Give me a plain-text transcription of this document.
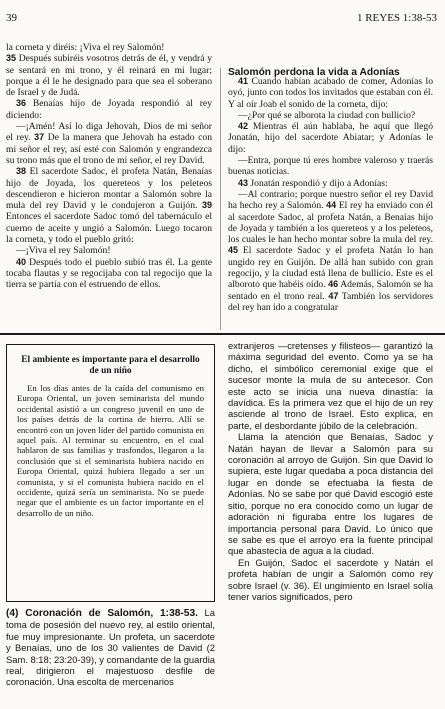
39	1 REYES 1:38-53

la corneta y diréis: ¡Viva el rey Salomón!

35 Después subiréis vosotros detrás de él, y vendrá y se sentará en mi trono, y él reinará en mi lugar; porque a él le he designado para que sea el soberano de Israel y de Judá.

36 Benaías hijo de Joyada respondió al rey diciendo:

—¡Amén! Así lo diga Jehovah, Dios de mi señor el rey. 37 De la manera que Jehovah ha estado con mi señor el rey, así esté con Salomón y engrandezca su trono más que el trono de mi señor, el rey David.

38 El sacerdote Sadoc, el profeta Natán, Benaías hijo de Joyada, los quereteos y los peleteos descendieron e hicieron montar a Salomón sobre la mula del rey David y le condujeron a Guijón. 39 Entonces el sacerdote Sadoc tomó del tabernáculo el cuerno de aceite y ungió a Salomón. Luego tocaron la corneta, y todo el pueblo gritó:

—¡Viva el rey Salomón!

40 Después todo el pueblo subió tras él. La gente tocaba flautas y se regocijaba con tal regocijo que la tierra se partía con el estruendo de ellos.

Salomón perdona la vida a Adonías

41 Cuando habían acabado de comer, Adonías lo oyó, junto con todos los invitados que estaban con él. Y al oír Joab el sonido de la corneta, dijo:

—¿Por qué se alborota la ciudad con bullicio?

42 Mientras él aún hablaba, he aquí que llegó Jonatán, hijo del sacerdote Abiatar; y Adonías le dijo:

—Entra, porque tú eres hombre valeroso y traerás buenas noticias.

43 Jonatán respondió y dijo a Adonías:

—Al contrario; porque nuestro señor el rey David ha hecho rey a Salomón. 44 El rey ha enviado con él al sacerdote Sadoc, al profeta Natán, a Benaías hijo de Joyada y también a los quereteos y a los peleteos, los cuales le han hecho montar sobre la mula del rey. 45 El sacerdote Sadoc y el profeta Natán lo han ungido rey en Guijón. De allá han subido con gran regocijo, y la ciudad está llena de bullicio. Este es el alboroto que habéis oído. 46 Además, Salomón se ha sentado en el trono real. 47 También los servidores del rey han ido a congratular

El ambiente es importante para el desarrollo de un niño

En los días antes de la caída del comunismo en Europa Oriental, un joven seminarista del mundo occidental asistió a un congreso juvenil en uno de los países detrás de la cortina de hierro. Allí se encontró con un joven líder del partido comunista en aquel país. Al terminar su encuentro, en el cual hablaron de sus familias y trasfondos, llegaron a la conclusión que si el seminarista hubiera nacido en Europa Oriental, quizá hubiera llegado a ser un comunista, y si el comunista hubiera nacido en el occidente, quizá sería un seminarista. No se puede negar que el ambiente es un factor importante en el desarrollo de un niño.

(4) Coronación de Salomón, 1:38-53. La toma de posesión del nuevo rey, al estilo oriental, fue muy impresionante. Un profeta, un sacerdote y Benaías, uno de los 30 valientes de David (2 Sam. 8:18; 23:20-39), y comandante de la guardia real, dirigieron el majestuoso desfile de coronación. Una escolta de mercenarios

extranjeros —cretenses y filisteos— garantizó la máxima seguridad del evento. Como ya se ha dicho, el simbólico ceremonial exige que el sucesor monte la mula de su antecesor. Con este acto se inicia una nueva dinastía: la davídica. Es la primera vez que el hijo de un rey asciende al trono de Israel. Esto explica, en parte, el desbordante júbilo de la celebración.

Llama la atención que Benaías, Sadoc y Natán hayan de llevar a Salomón para su coronación al arroyo de Guijón. Sin que David lo supiera, este lugar quedaba a poca distancia del lugar en donde se efectuaba la fiesta de Adonías. No se sabe por qué David escogió este sitio, porque no era conocido como un lugar de adoración ni figuraba entre los lugares de importancia personal para David. Lo único que se sabe es que el arroyo era la fuente principal que abastecía de agua a la ciudad.

En Guijón, Sadoc el sacerdote y Natán el profeta habían de ungir a Salomón como rey sobre Israel (v. 36). El ungimiento en Israel solía tener varios significados, pero
